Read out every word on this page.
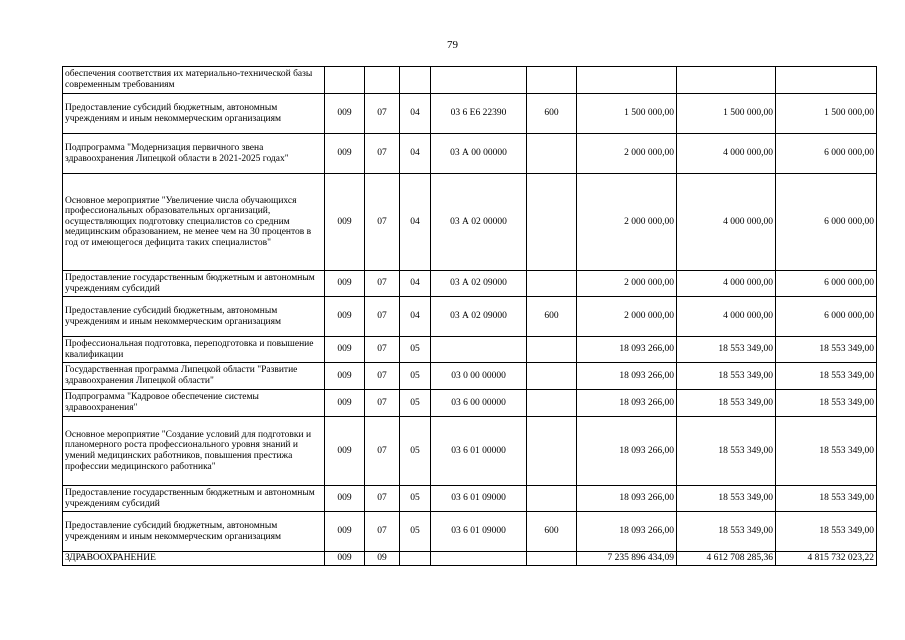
79
обеспечения соответствия их материально-технической базы современным требованиям								
Предоставление субсидий бюджетным, автономным учреждениям и иным некоммерческим организациям	009	07	04	03 6 Е6 22390	600	1 500 000,00	1 500 000,00	1 500 000,00
Подпрограмма "Модернизация первичного звена здравоохранения Липецкой области в 2021-2025 годах"	009	07	04	03 А 00 00000		2 000 000,00	4 000 000,00	6 000 000,00
Основное мероприятие "Увеличение числа обучающихся профессиональных образовательных организаций, осуществляющих подготовку специалистов со средним медицинским образованием, не менее чем на 30 процентов в год от имеющегося дефицита таких специалистов"	009	07	04	03 А 02 00000		2 000 000,00	4 000 000,00	6 000 000,00
Предоставление государственным бюджетным и автономным учреждениям субсидий	009	07	04	03 А 02 09000		2 000 000,00	4 000 000,00	6 000 000,00
Предоставление субсидий бюджетным, автономным учреждениям и иным некоммерческим организациям	009	07	04	03 А 02 09000	600	2 000 000,00	4 000 000,00	6 000 000,00
Профессиональная подготовка, переподготовка и повышение квалификации	009	07	05			18 093 266,00	18 553 349,00	18 553 349,00
Государственная программа Липецкой области "Развитие здравоохранения Липецкой области"	009	07	05	03 0 00 00000		18 093 266,00	18 553 349,00	18 553 349,00
Подпрограмма "Кадровое обеспечение системы здравоохранения"	009	07	05	03 6 00 00000		18 093 266,00	18 553 349,00	18 553 349,00
Основное мероприятие "Создание условий для подготовки и планомерного роста профессионального уровня знаний и умений медицинских работников, повышения престижа профессии медицинского работника"	009	07	05	03 6 01 00000		18 093 266,00	18 553 349,00	18 553 349,00
Предоставление государственным бюджетным и автономным учреждениям субсидий	009	07	05	03 6 01 09000		18 093 266,00	18 553 349,00	18 553 349,00
Предоставление субсидий бюджетным, автономным учреждениям и иным некоммерческим организациям	009	07	05	03 6 01 09000	600	18 093 266,00	18 553 349,00	18 553 349,00
ЗДРАВООХРАНЕНИЕ	009	09				7 235 896 434,09	4 612 708 285,36	4 815 732 023,22
